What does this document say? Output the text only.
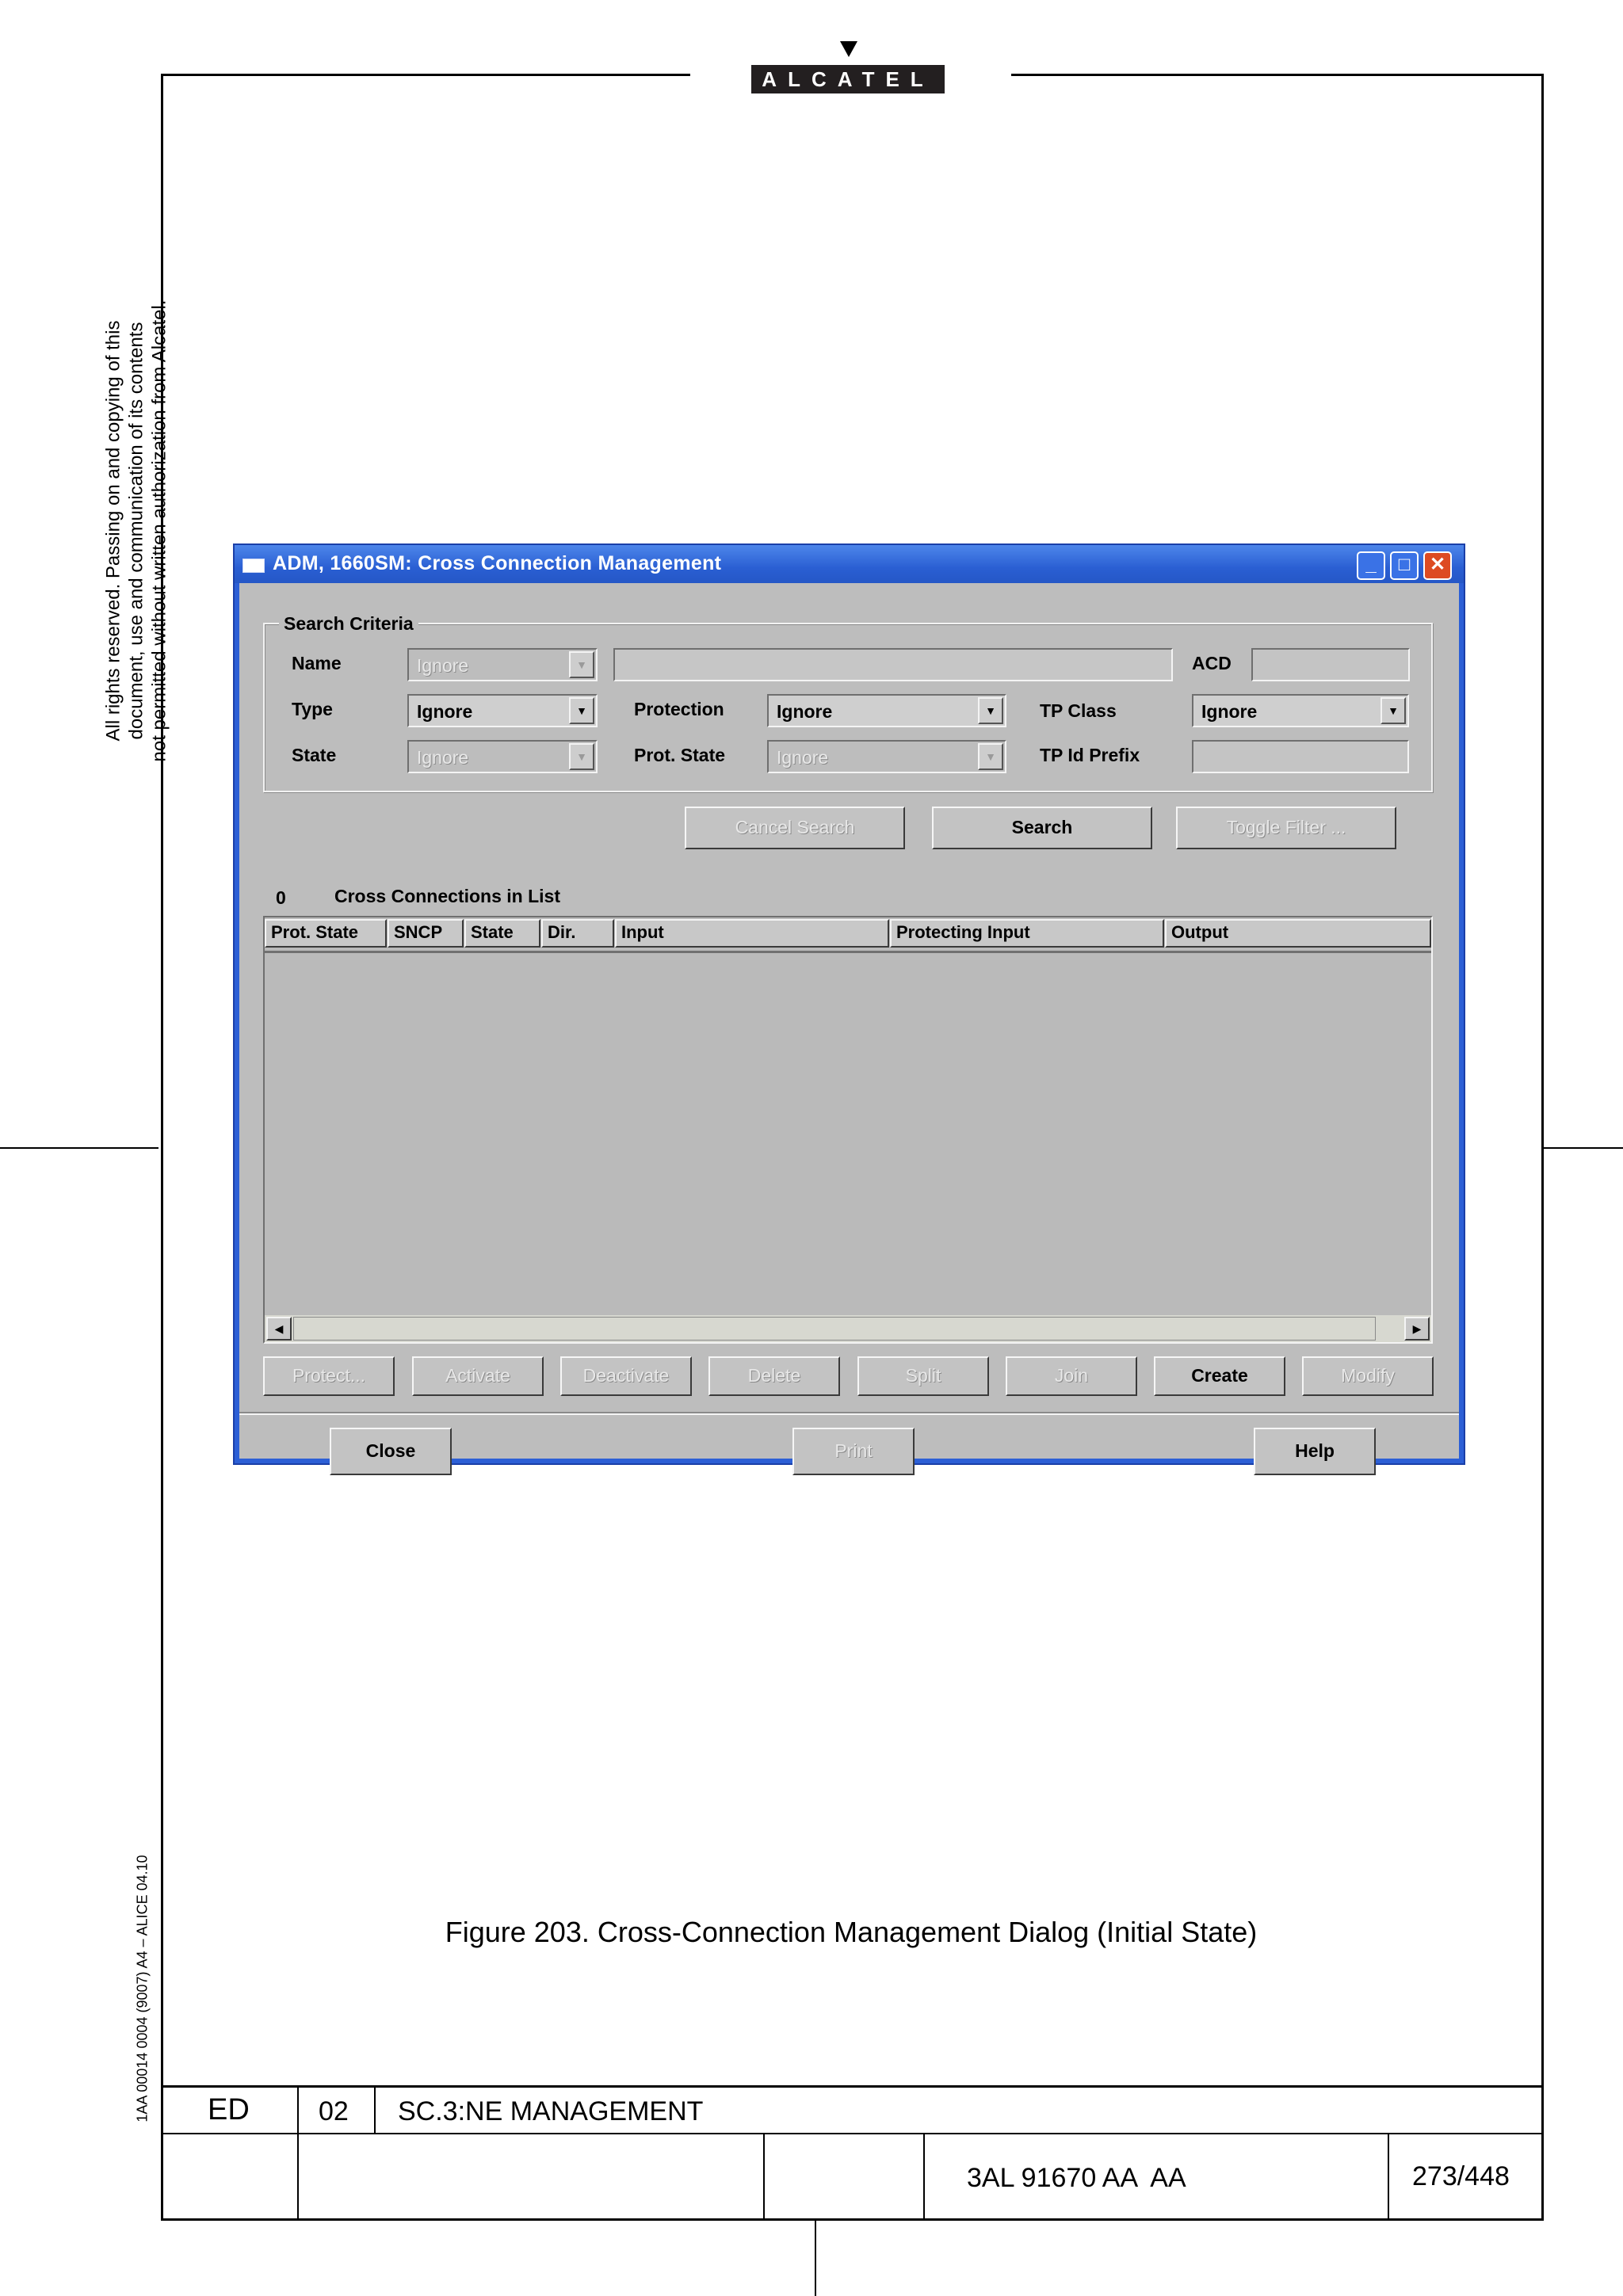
ALCATEL
All rights reserved. Passing on and copying of this document, use and communication of its contents not permitted without written authorization from Alcatel.
1AA 00014 0004 (9007) A4 – ALICE 04.10
ADM, 1660SM: Cross Connection Management	_	□	✕
Search Criteria
Name	Ignore	▼	ACD
Type	Ignore	▼	Protection	Ignore	▼	TP Class	Ignore	▼
State	Ignore	▼	Prot. State	Ignore	▼	TP Id Prefix
Cancel Search	Search	Toggle Filter ...
0	Cross Connections in List
Prot. State	SNCP	State	Dir.	Input	Protecting Input	Output
◀	▶
Protect...	Activate	Deactivate	Delete	Split	Join	Create	Modify
Close	Print	Help
Figure 203. Cross-Connection Management Dialog (Initial State)
ED	02 SC.3:NE MANAGEMENT
3AL 91670 AA  AA	273/448
